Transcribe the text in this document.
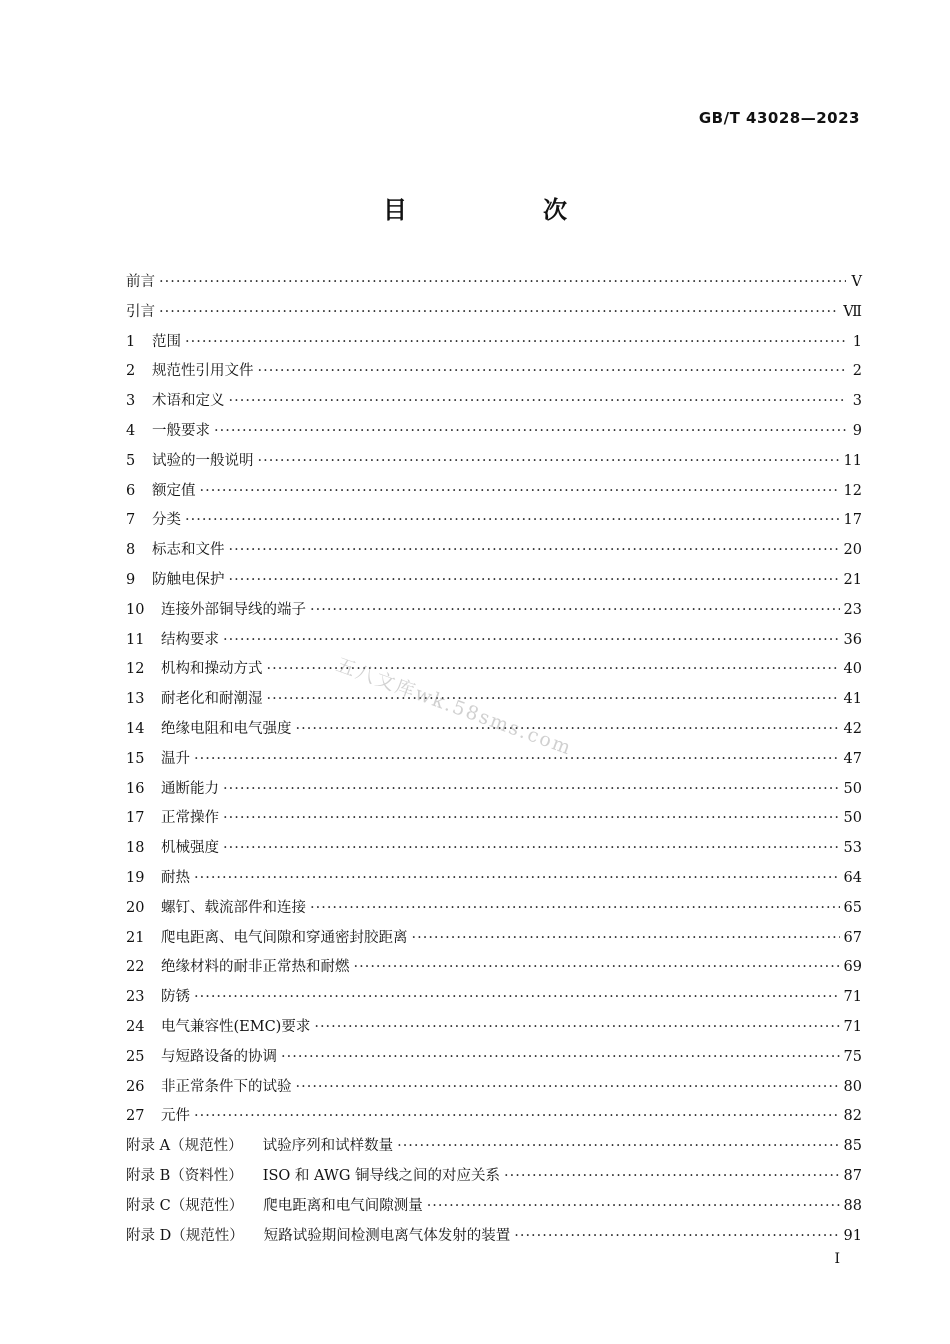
GB/T 43028—2023
目　次
前言 ·····	V
引言 ·····	Ⅶ
1	范围 ·····	1
2	规范性引用文件 ·····	2
3	术语和定义 ·····	3
4	一般要求 ·····	9
5	试验的一般说明 ·····	11
6	额定值 ·····	12
7	分类 ·····	17
8	标志和文件 ·····	20
9	防触电保护 ·····	21
10	连接外部铜导线的端子 ·····	23
11	结构要求 ·····	36
12	机构和操动方式 ·····	40
13	耐老化和耐潮湿 ·····	41
14	绝缘电阻和电气强度 ·····	42
15	温升 ·····	47
16	通断能力 ·····	50
17	正常操作 ·····	50
18	机械强度 ·····	53
19	耐热 ·····	64
20	螺钉、载流部件和连接 ·····	65
21	爬电距离、电气间隙和穿通密封胶距离 ·····	67
22	绝缘材料的耐非正常热和耐燃 ·····	69
23	防锈 ·····	71
24	电气兼容性(EMC)要求 ·····	71
25	与短路设备的协调 ·····	75
26	非正常条件下的试验 ·····	80
27	元件 ·····	82
附录 A（规范性） 试验序列和试样数量 ·····	85
附录 B（资料性） ISO 和 AWG 铜导线之间的对应关系 ·····	87
附录 C（规范性） 爬电距离和电气间隙测量 ·····	88
附录 D（规范性） 短路试验期间检测电离气体发射的装置 ·····	91
五八文库wk.58sms.com
I
